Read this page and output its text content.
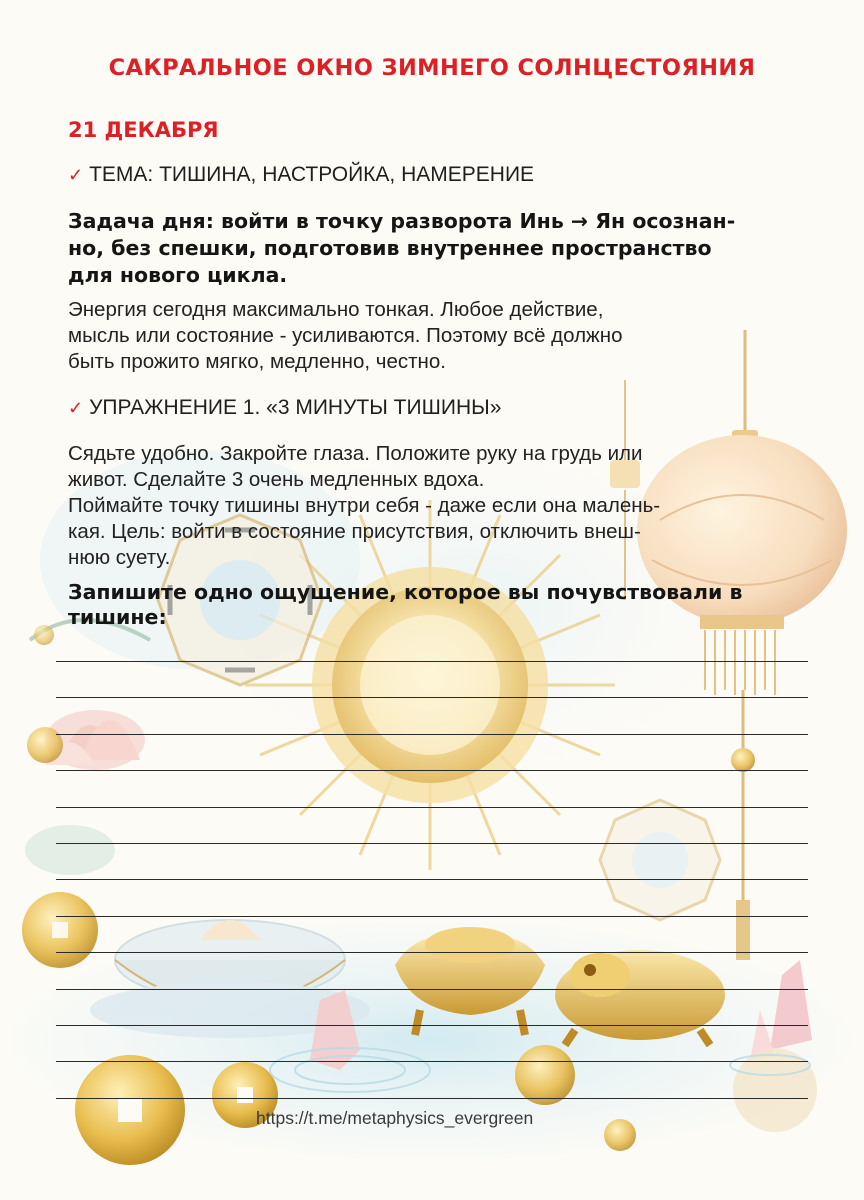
САКРАЛЬНОЕ ОКНО ЗИМНЕГО СОЛНЦЕСТОЯНИЯ
21 ДЕКАБРЯ
✓ ТЕМА: ТИШИНА, НАСТРОЙКА, НАМЕРЕНИЕ
Задача дня: войти в точку разворота Инь → Ян осознан-
но, без спешки, подготовив внутреннее пространство
для нового цикла.
Энергия сегодня максимально тонкая. Любое действие,
мысль или состояние - усиливаются. Поэтому всё должно
быть прожито мягко, медленно, честно.
✓ УПРАЖНЕНИЕ 1. «3 МИНУТЫ ТИШИНЫ»
Сядьте удобно. Закройте глаза. Положите руку на грудь или
живот. Сделайте 3 очень медленных вдоха.
Поймайте точку тишины внутри себя - даже если она малень-
кая. Цель: войти в состояние присутствия, отключить внеш-
нюю суету.
Запишите одно ощущение, которое вы почувствовали в
тишине:
https://t.me/metaphysics_evergreen
